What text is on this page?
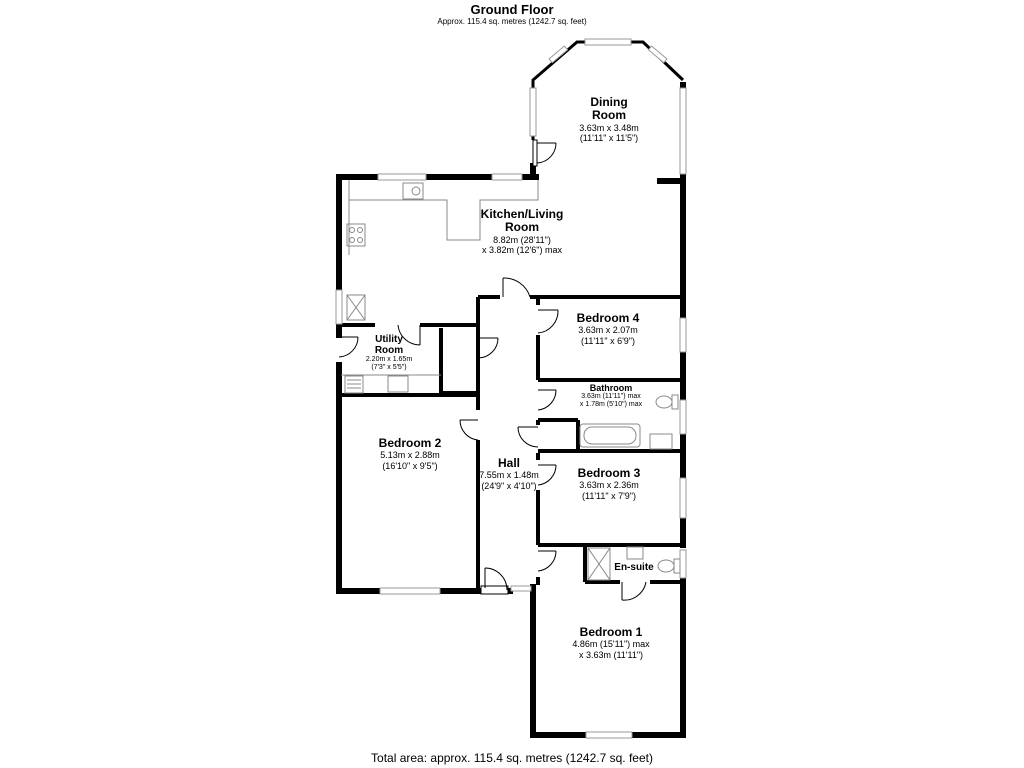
Ground Floor
Approx. 115.4 sq. metres (1242.7 sq. feet)
Dining
Room
3.63m x 3.48m
(11'11" x 11'5")
Kitchen/Living
Room
8.82m (28'11")
x 3.82m (12'6") max
Bedroom 4
3.63m x 2.07m
(11'11" x 6'9")
Utility
Room
2.20m x 1.65m
(7'3" x 5'5")
Bathroom
3.63m (11'11") max
x 1.78m (5'10") max
Bedroom 2
5.13m x 2.88m
(16'10" x 9'5")	Hall
7.55m x 1.48m
(24'9" x 4'10")
Bedroom 3
3.63m x 2.36m
(11'11" x 7'9")
En-suite
Bedroom 1
4.86m (15'11") max
x 3.63m (11'11")
Total area: approx. 115.4 sq. metres (1242.7 sq. feet)
